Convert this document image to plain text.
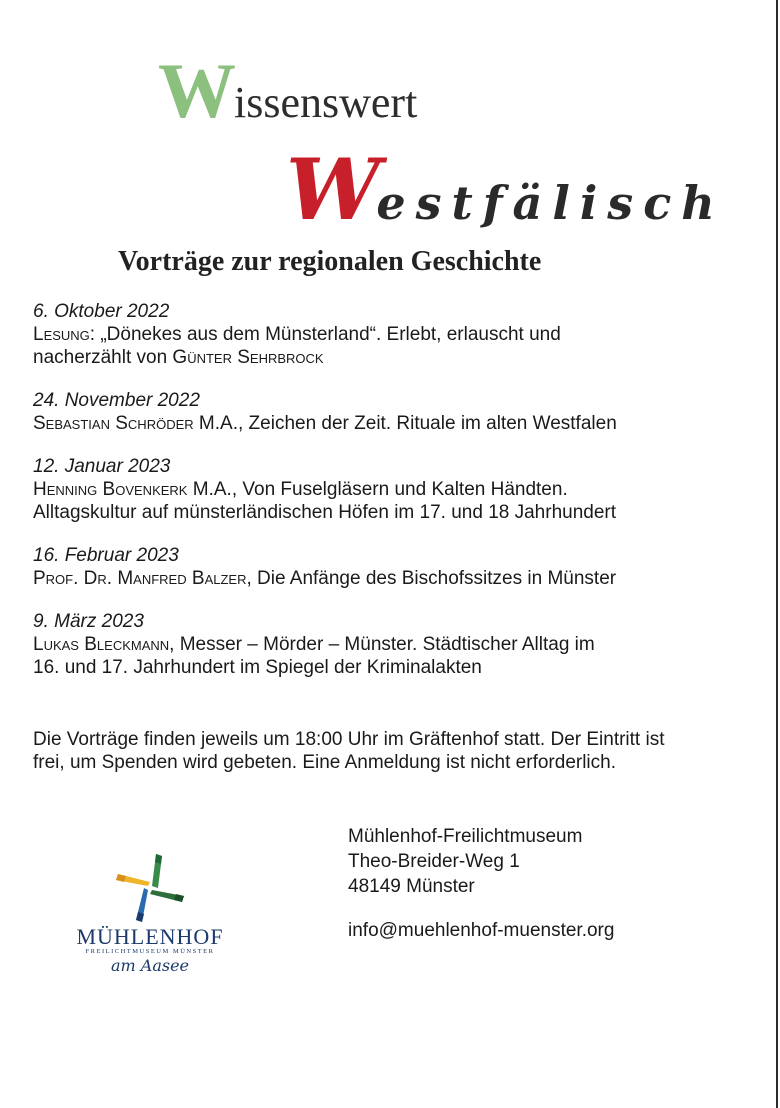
Wissenswert
Westfälisch
Vorträge zur regionalen Geschichte
6. Oktober 2022
Lesung: „Dönekes aus dem Münsterland“. Erlebt, erlauscht und
nacherzählt von Günter Sehrbrock
24. November 2022
Sebastian Schröder M.A., Zeichen der Zeit. Rituale im alten Westfalen
12. Januar 2023
Henning Bovenkerk M.A., Von Fuselgläsern und Kalten Händten.
Alltagskultur auf münsterländischen Höfen im 17. und 18 Jahrhundert
16. Februar 2023
Prof. Dr. Manfred Balzer, Die Anfänge des Bischofssitzes in Münster
9. März 2023
Lukas Bleckmann, Messer – Mörder – Münster. Städtischer Alltag im
16. und 17. Jahrhundert im Spiegel der Kriminalakten
Die Vorträge finden jeweils um 18:00 Uhr im Gräftenhof statt. Der Eintritt ist frei, um Spenden wird gebeten. Eine Anmeldung ist nicht erforderlich.
Mühlenhof-Freilichtmuseum
Theo-Breider-Weg 1
48149 Münster
info@muehlenhof-muenster.org
MÜHLENHOF
FREILICHTMUSEUM MÜNSTER
am Aasee
